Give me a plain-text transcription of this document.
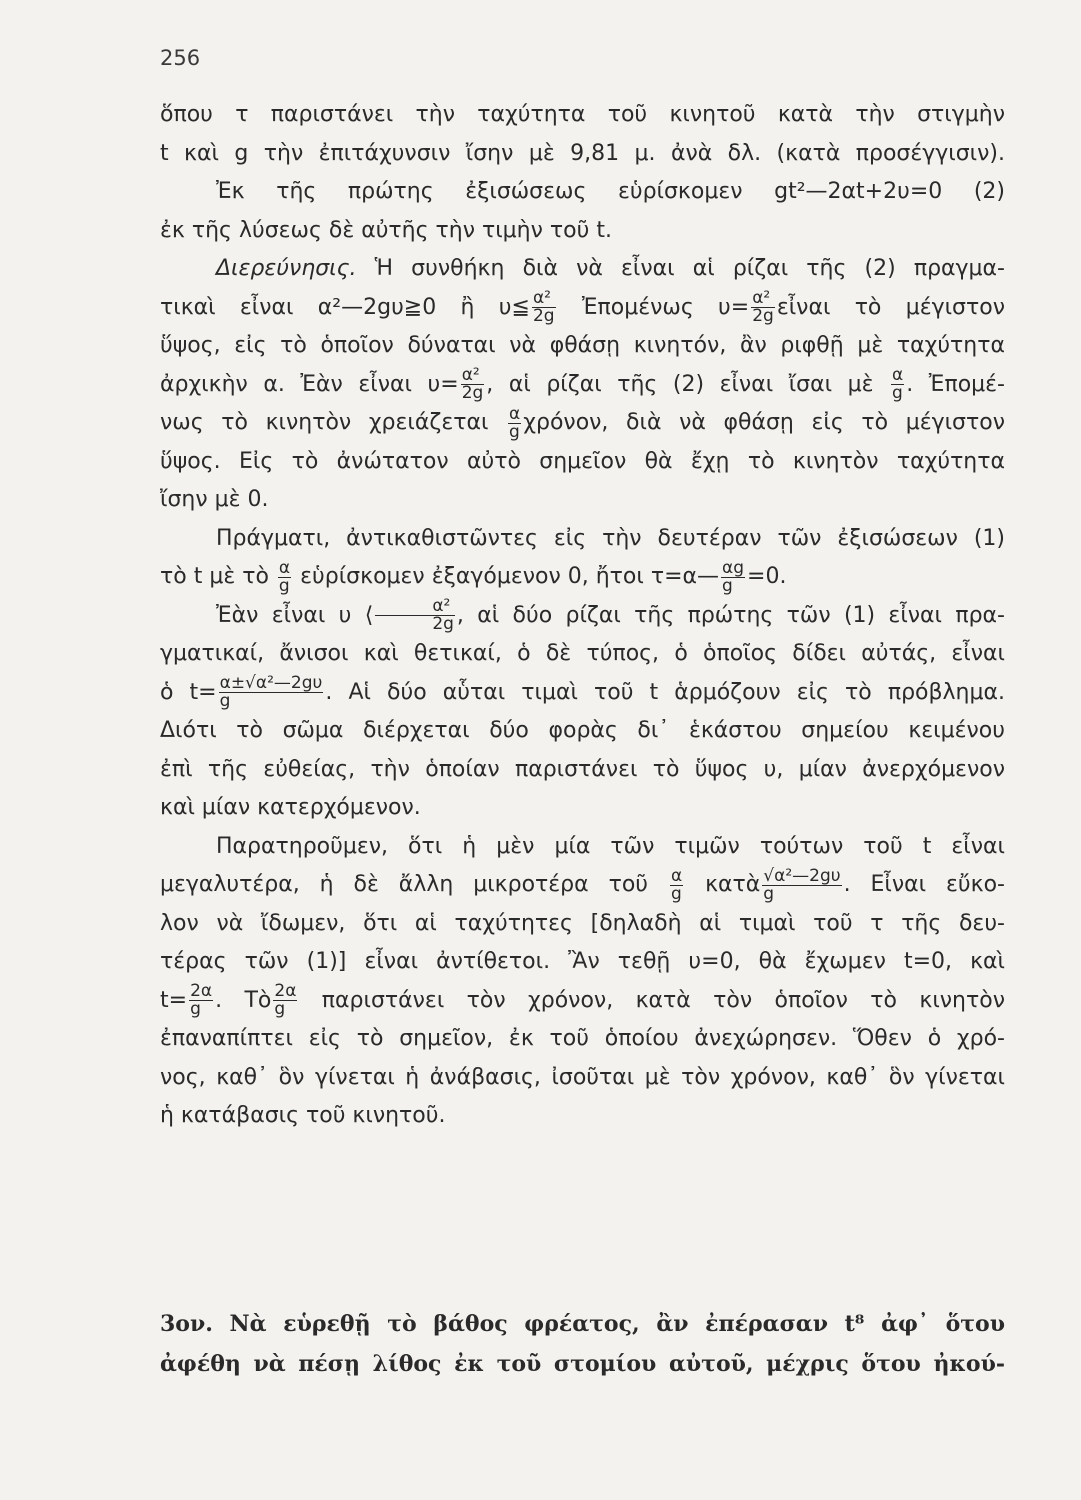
256
ὅπου τ παριστάνει τὴν ταχύτητα τοῦ κινητοῦ κατὰ τὴν στιγμὴν
t καὶ g τὴν ἐπιτάχυνσιν ἴσην μὲ 9,81 μ. ἀνὰ δλ. (κατὰ προσέγγισιν).
Ἐκ τῆς πρώτης ἐξισώσεως εὑρίσκομεν gt²—2αt+2υ=0 (2)
ἐκ τῆς λύσεως δὲ αὐτῆς τὴν τιμὴν τοῦ t.
Διερεύνησις. Ἡ συνθήκη διὰ νὰ εἶναι αἱ ρίζαι τῆς (2) πραγμα-
τικαὶ εἶναι α²—2gυ≧0 ἢ υ≦ $\frac{\text{α²}}{2g}$ Ἐπομένως $\upsilon= \frac{\text{α²}}{2g}$ εἶναι τὸ μέγιστον
ὕψος, εἰς τὸ ὁποῖον δύναται νὰ φθάσῃ κινητόν, ἂν ριφθῇ μὲ ταχύτητα
ἀρχικὴν α. Ἐὰν εἶναι $\upsilon= \frac{\text{α²}}{2g}$ , αἱ ρίζαι τῆς (2) εἶναι ἴσαι μὲ $\frac{\alpha}{g}$ . Ἐπομέ-
νως τὸ κινητὸν χρειάζεται $\frac{\alpha}{g} \chi\rho ό\nu o\nu$, διὰ νὰ φθάσῃ εἰς τὸ μέγιστον
ὕψος. Εἰς τὸ ἀνώτατον αὐτὸ σημεῖον θὰ ἔχῃ τὸ κινητὸν ταχύτητα
ἴσην μὲ 0.
Πράγματι, ἀντικαθιστῶντες εἰς τὴν δευτέραν τῶν ἐξισώσεων (1)
τὸ t μὲ τὸ $\frac{\alpha}{g}$ εὑρίσκομεν ἐξαγόμενον 0, ἤτοι τ=α— $\frac{\alpha g}{g} =0$.
Ἐὰν εἶναι υ ⟨ $\frac{\text{α²}}{2g}$ , αἱ δύο ρίζαι τῆς πρώτης τῶν (1) εἶναι πρα-
γματικαί, ἄνισοι καὶ θετικαί, ὁ δὲ τύπος, ὁ ὁποῖος δίδει αὐτάς, εἶναι
ὁ $t= \frac{\text{α±√α²—2gυ}}{g}$ . Αἱ δύο αὗται τιμαὶ τοῦ t ἁρμόζουν εἰς τὸ πρόβλημα.
Διότι τὸ σῶμα διέρχεται δύο φορὰς δι᾽ ἑκάστου σημείου κειμένου
ἐπὶ τῆς εὐθείας, τὴν ὁποίαν παριστάνει τὸ ὕψος υ, μίαν ἀνερχόμενον
καὶ μίαν κατερχόμενον.
Παρατηροῦμεν, ὅτι ἡ μὲν μία τῶν τιμῶν τούτων τοῦ t εἶναι
μεγαλυτέρα, ἡ δὲ ἄλλη μικροτέρα τοῦ $\frac{\alpha}{g}$ κατὰ $\frac{\text{√α²—2gυ}}{g}$ . Εἶναι εὔκο-
λον νὰ ἴδωμεν, ὅτι αἱ ταχύτητες [δηλαδὴ αἱ τιμαὶ τοῦ τ τῆς δευ-
τέρας τῶν (1)] εἶναι ἀντίθετοι. Ἂν τεθῇ υ=0, θὰ ἔχωμεν t=0, καὶ
$t= \frac{2\alpha}{g}$ . Τὸ $\frac{2\alpha}{g}$ παριστάνει τὸν χρόνον, κατὰ τὸν ὁποῖον τὸ κινητὸν
ἐπαναπίπτει εἰς τὸ σημεῖον, ἐκ τοῦ ὁποίου ἀνεχώρησεν. Ὅθεν ὁ χρό-
νος, καθ᾽ ὃν γίνεται ἡ ἀνάβασις, ἰσοῦται μὲ τὸν χρόνον, καθ᾽ ὃν γίνεται
ἡ κατάβασις τοῦ κινητοῦ.
3ον. Νὰ εὑρεθῇ τὸ βάθος φρέατος, ἂν ἐπέρασαν t⁸ ἀφ᾽ ὅτου
ἀφέθη νὰ πέσῃ λίθος ἐκ τοῦ στομίου αὐτοῦ, μέχρις ὅτου ἠκού-
